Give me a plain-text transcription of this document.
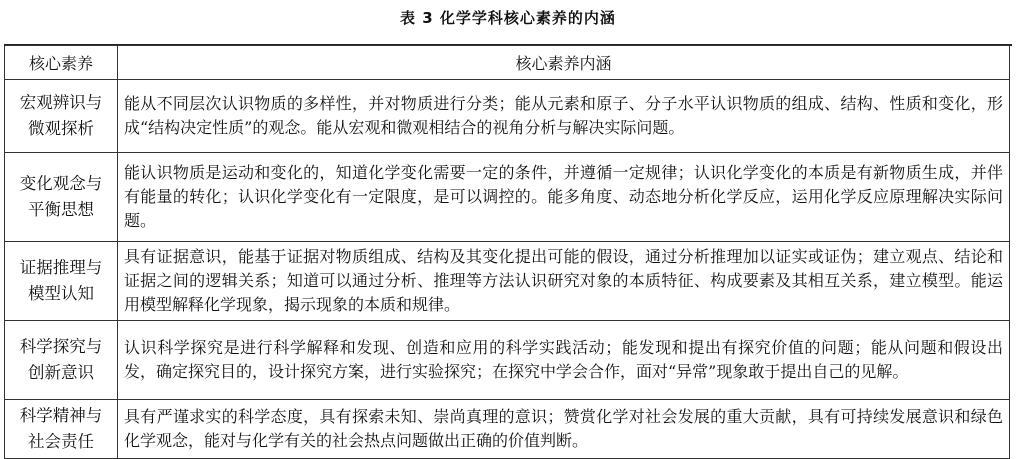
表 3 化学学科核心素养的内涵
核心素养	核心素养内涵
宏观辨识与
微观探析	能从不同层次认识物质的多样性，并对物质进行分类；能从元素和原子、分子水平认识物质的组成、结构、性质和变化，形成“结构决定性质”的观念。能从宏观和微观相结合的视角分析与解决实际问题。
变化观念与
平衡思想	能认识物质是运动和变化的，知道化学变化需要一定的条件，并遵循一定规律；认识化学变化的本质是有新物质生成，并伴有能量的转化；认识化学变化有一定限度，是可以调控的。能多角度、动态地分析化学反应，运用化学反应原理解决实际问题。
证据推理与
模型认知	具有证据意识，能基于证据对物质组成、结构及其变化提出可能的假设，通过分析推理加以证实或证伪；建立观点、结论和证据之间的逻辑关系；知道可以通过分析、推理等方法认识研究对象的本质特征、构成要素及其相互关系，建立模型。能运用模型解释化学现象，揭示现象的本质和规律。
科学探究与
创新意识	认识科学探究是进行科学解释和发现、创造和应用的科学实践活动；能发现和提出有探究价值的问题；能从问题和假设出发，确定探究目的，设计探究方案，进行实验探究；在探究中学会合作，面对“异常”现象敢于提出自己的见解。
科学精神与
社会责任	具有严谨求实的科学态度，具有探索未知、崇尚真理的意识；赞赏化学对社会发展的重大贡献，具有可持续发展意识和绿色化学观念，能对与化学有关的社会热点问题做出正确的价值判断。
